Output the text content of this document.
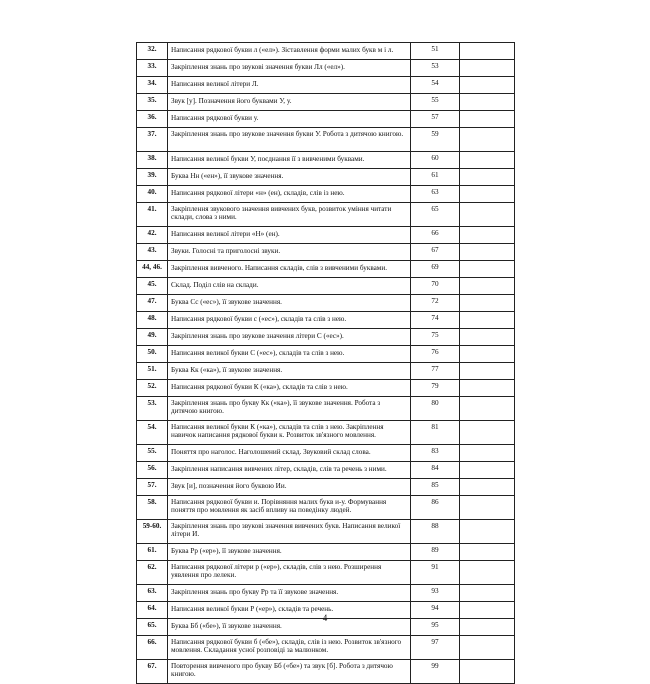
32.	Написання рядкової букви л («ел»). Зіставлення форми малих букв м і л.	51	
33.	Закріплення знань про звукові значення букви Лл («ел»).	53	
34.	Написання великої літери Л.	54	
35.	Звук [у]. Позначення його буквами У, у.	55	
36.	Написання рядкової букви у.	57	
37.	Закріплення знань про звукове значення букви У. Робота з дитячою книгою.	59	
38.	Написання великої букви У, поєднання її з вивченими буквами.	60	
39.	Буква Нн («ен»), її звукове значення.	61	
40.	Написання рядкової літери «н» (ен), складів, слів із нею.	63	
41.	Закріплення звукового значення вивчених букв, розвиток уміння читати склади, слова з ними.	65	
42.	Написання великої літери «Н» (ен).	66	
43.	Звуки. Голосні та приголосні звуки.	67	
44, 46.	Закріплення вивченого. Написання складів, слів з вивченими буквами.	69	
45.	Склад. Поділ слів на склади.	70	
47.	Буква Сс («ес»), її звукове значення.	72	
48.	Написання рядкової букви с («ес»), складів та слів з нею.	74	
49.	Закріплення знань про звукове значення літери С («ес»).	75	
50.	Написання великої букви С («ес»), складів та слів з нею.	76	
51.	Буква Кк («ка»), її звукове значення.	77	
52.	Написання рядкової букви К («ка»), складів та слів з нею.	79	
53.	Закріплення знань про букву Кк («ка»), її звукове значення. Робота з дитячою книгою.	80	
54.	Написання великої букви К («ка»), складів та слів з нею. Закріплення навичок написання рядкової букви к. Розвиток зв'язного мовлення.	81	
55.	Поняття про наголос. Наголошений склад. Звуковий склад слова.	83	
56.	Закріплення написання вивчених літер, складів, слів та речень з ними.	84	
57.	Звук [и], позначення його буквою Ии.	85	
58.	Написання рядкової букви и. Порівняння малих букв и-у. Формування поняття про мовлення як засіб впливу на поведінку людей.	86	
59-60.	Закріплення знань про звукові значення вивчених букв. Написання великої літери И.	88	
61.	Буква Рр («ер»), її звукове значення.	89	
62.	Написання рядкової літери р («ер»), складів, слів з нею. Розширення уявлення про лелеки.	91	
63.	Закріплення знань про букву Рр та її звукове значення.	93	
64.	Написання великої букви Р («ер»), складів та речень.	94	
65.	Буква Бб («бе»), її звукове значення.	95	
66.	Написання рядкової букви б («бе»), складів, слів із нею. Розвиток зв'язного мовлення. Складання усної розповіді за малюнком.	97	
67.	Повторення вивченого про букву Бб («бе») та звук [б]. Робота з дитячою книгою.	99	
4
